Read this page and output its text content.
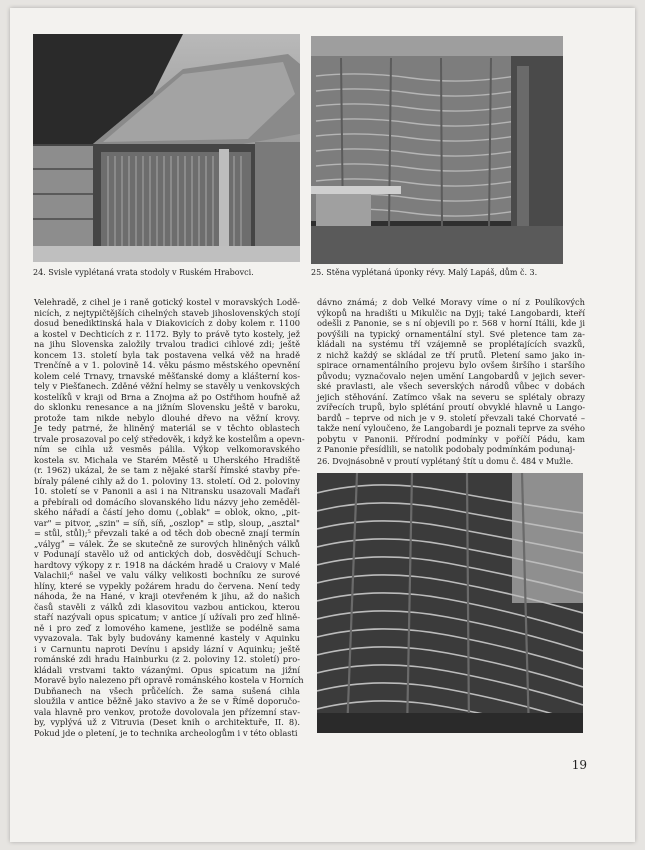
24. Svisle vyplétaná vrata stodoly v Ruském Hrabovci.	25. Stěna vyplétaná úponky révy. Malý Lapáš, dům č. 3.
Velehradě, z cihel je i raně gotický kostel v moravských Lodě-
nicích, z nejtypičtějších cihelných staveb jihoslovenských stojí
dosud benediktinská hala v Diakovicích z doby kolem r. 1100
a kostel v Dechticích z r. 1172. Byly to právě tyto kostely, jež
na jihu Slovenska založily trvalou tradici cihlové zdi; ještě
koncem 13. století byla tak postavena velká věž na hradě
Trenčíně a v 1. polovině 14. věku pásmo městského opevnění
kolem celé Trnavy, trnavské měšťanské domy a klášterní kos-
tely v Piešťanech. Zděné věžní helmy se stavěly u venkovských
kostelíků v kraji od Brna a Znojma až po Ostřihom houfně až
do sklonku renesance a na jižním Slovensku ještě v baroku,
protože tam nikde nebylo dlouhé dřevo na věžní krovy.
Je tedy patrné, že hliněný materiál se v těchto oblastech
trvale prosazoval po celý středověk, i když ke kostelům a opevn-
ním se cihla už vesměs pálila. Výkop velkomoravského
kostela sv. Michala ve Starém Městě u Uherského Hradiště
(r. 1962) ukázal, že se tam z nějaké starší římské stavby pře-
bíraly pálené cihly až do 1. poloviny 13. století. Od 2. poloviny
10. století se v Panonii a asi i na Nitransku usazovali Maďaři
a přebírali od domácího slovanského lidu názvy jeho zeměděl-
ského nářadí a částí jeho domu („oblak" = oblok, okno, „pit-
var" = pitvor, „szin" = síň, síň, „oszlop" = stlp, sloup, „asztal"
= stůl, stůl);⁵ převzali také a od těch dob obecně znají termín
„válygˮ = válek. Že se skutečně ze surových hliněných válků
v Podunají stavělo už od antických dob, dosvědčují Schuch-
hardtovy výkopy z r. 1918 na dáckém hradě u Craiovy v Malé
Valachii;⁶ našel ve valu války velikosti bochníku ze surové
hlíny, které se vypekly požárem hradu do červena. Není tedy
náhoda, že na Hané, v kraji otevřeném k jihu, až do našich
časů stavěli z válků zdi klasovitou vazbou antickou, kterou
staří nazývali opus spicatum; v antice jí užívali pro zeď hlině-
ně i pro zeď z lomového kamene, jestliže se podélně sama
vyvazovala. Tak byly budovány kamenné kastely v Aquinku
i v Carnuntu naproti Devínu i apsidy lázní v Aquinku; ještě
románské zdi hradu Hainburku (z 2. poloviny 12. století) pro-
kládali vrstvami takto vázanými. Opus spicatum na jižní
Moravě bylo nalezeno při opravě románského kostela v Horních
Dubňanech na všech průčelích. Že sama sušená cihla
sloužila v antice běžně jako stavivo a že se v Římě doporučo-
vala hlavně pro venkov, protože dovolovala jen přízemní stav-
by, vyplývá už z Vitruvia (Deset knih o architektuře, II. 8).
Pokud jde o pletení, je to technika archeologům i v této oblasti
dávno známá; z dob Velké Moravy víme o ní z Poulíkových
výkopů na hradišti u Mikulčic na Dyji; také Langobardi, kteří
odešli z Panonie, se s ní objevili po r. 568 v horní Itálii, kde ji
povýšili na typický ornamentální styl. Své pletence tam za-
kládali na systému tří vzájemně se proplétajících svazků,
z nichž každý se skládal ze tří prutů. Pletení samo jako in-
spirace ornamentálního projevu bylo ovšem širšího i staršího
původu; vyznačovalo nejen umění Langobardů v jejich sever-
ské pravlasti, ale všech severských národů vůbec v dobách
jejich stěhování. Zatímco však na severu se splétaly obrazy
zvířecích trupů, bylo splétání proutí obvyklé hlavně u Lango-
bardů – teprve od nich je v 9. století převzali také Chorvaté –
takže není vyloučeno, že Langobardi je poznali teprve za svého
pobytu v Panonii. Přírodní podmínky v poříčí Pádu, kam
z Panonie přesídlili, se natolik podobaly podmínkám podunaj-
26. Dvojnásobně v proutí vyplétaný štít u domu č. 484 v Mužle.
19
